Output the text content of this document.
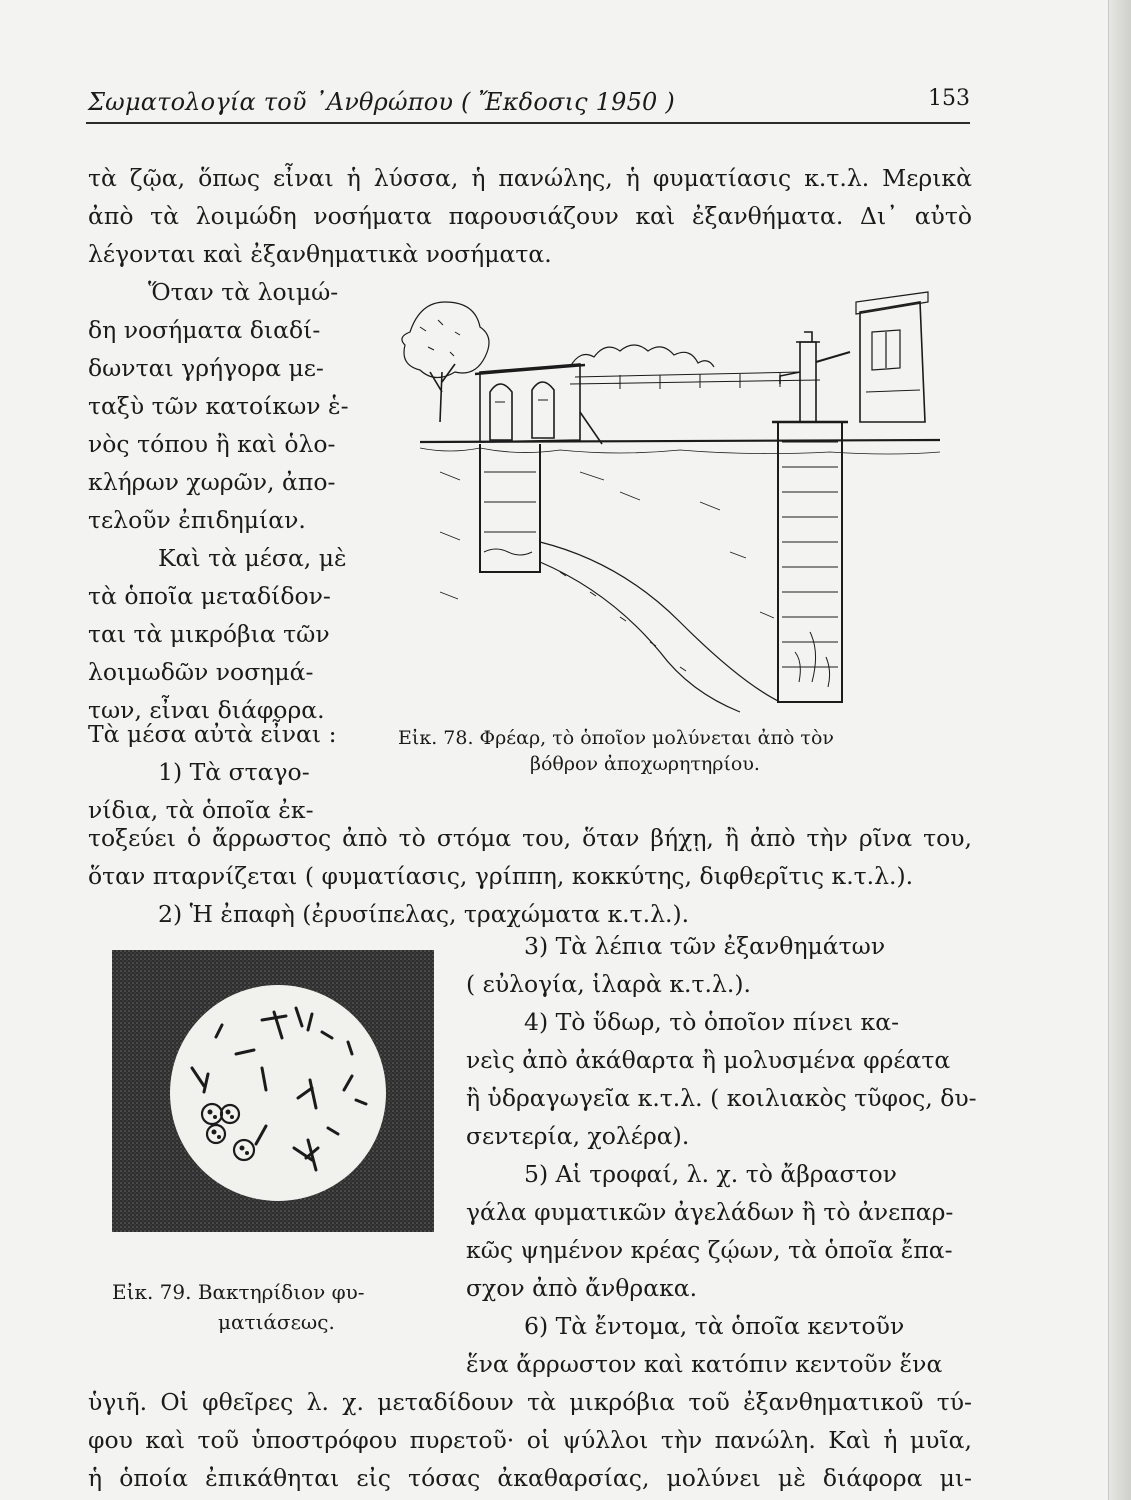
Σωματολογία τοῦ ᾿Ανθρώπου ( Ἔκδοσις 1950 )	153
τὰ ζῷα, ὅπως εἶναι ἡ λύσσα, ἡ πανώλης, ἡ φυματίασις κ.τ.λ. Μερικὰ
ἀπὸ τὰ λοιμώδη νοσήματα παρουσιάζουν καὶ ἐξανθήματα. Δι᾿ αὐτὸ
λέγονται καὶ ἐξανθηματικὰ νοσήματα.
Ὅταν τὰ λοιμώ-
δη νοσήματα διαδί-
δωνται γρήγορα με-
ταξὺ τῶν κατοίκων ἑ-
νὸς τόπου ἢ καὶ ὁλο-
κλήρων χωρῶν, ἀπο-
τελοῦν ἐπιδημίαν.
Καὶ τὰ μέσα, μὲ
τὰ ὁποῖα μεταδίδον-
ται τὰ μικρόβια τῶν
λοιμωδῶν νοσημά-
των, εἶναι διάφορα.
Τὰ μέσα αὐτὰ εἶναι :
1) Τὰ σταγο-
νίδια, τὰ ὁποῖα ἐκ-
Εἰκ. 78. Φρέαρ, τὸ ὁποῖον μολύνεται ἀπὸ τὸν
βόθρον ἀποχωρητηρίου.
τοξεύει ὁ ἄρρωστος ἀπὸ τὸ στόμα του, ὅταν βήχῃ, ἢ ἀπὸ τὴν ρῖνα του,
ὅταν πταρνίζεται ( φυματίασις, γρίππη, κοκκύτης, διφθερῖτις κ.τ.λ.).
2) Ἡ ἐπαφὴ (ἐρυσίπελας, τραχώματα κ.τ.λ.).
Εἰκ. 79. Βακτηρίδιον φυ-
ματιάσεως.
3) Τὰ λέπια τῶν ἐξανθημάτων
( εὐλογία, ἱλαρὰ κ.τ.λ.).
4) Τὸ ὕδωρ, τὸ ὁποῖον πίνει κα-
νεὶς ἀπὸ ἀκάθαρτα ἢ μολυσμένα φρέατα
ἢ ὑδραγωγεῖα κ.τ.λ. ( κοιλιακὸς τῦφος, δυ-
σεντερία, χολέρα).
5) Αἱ τροφαί, λ. χ. τὸ ἄβραστον
γάλα φυματικῶν ἀγελάδων ἢ τὸ ἀνεπαρ-
κῶς ψημένον κρέας ζῴων, τὰ ὁποῖα ἔπα-
σχον ἀπὸ ἄνθρακα.
6) Τὰ ἔντομα, τὰ ὁποῖα κεντοῦν
ἕνα ἄρρωστον καὶ κατόπιν κεντοῦν ἕνα
ὑγιῆ. Οἱ φθεῖρες λ. χ. μεταδίδουν τὰ μικρόβια τοῦ ἐξανθηματικοῦ τύ-
φου καὶ τοῦ ὑποστρόφου πυρετοῦ· οἱ ψύλλοι τὴν πανώλη. Καὶ ἡ μυῖα,
ἡ ὁποία ἐπικάθηται εἰς τόσας ἀκαθαρσίας, μολύνει μὲ διάφορα μι-
